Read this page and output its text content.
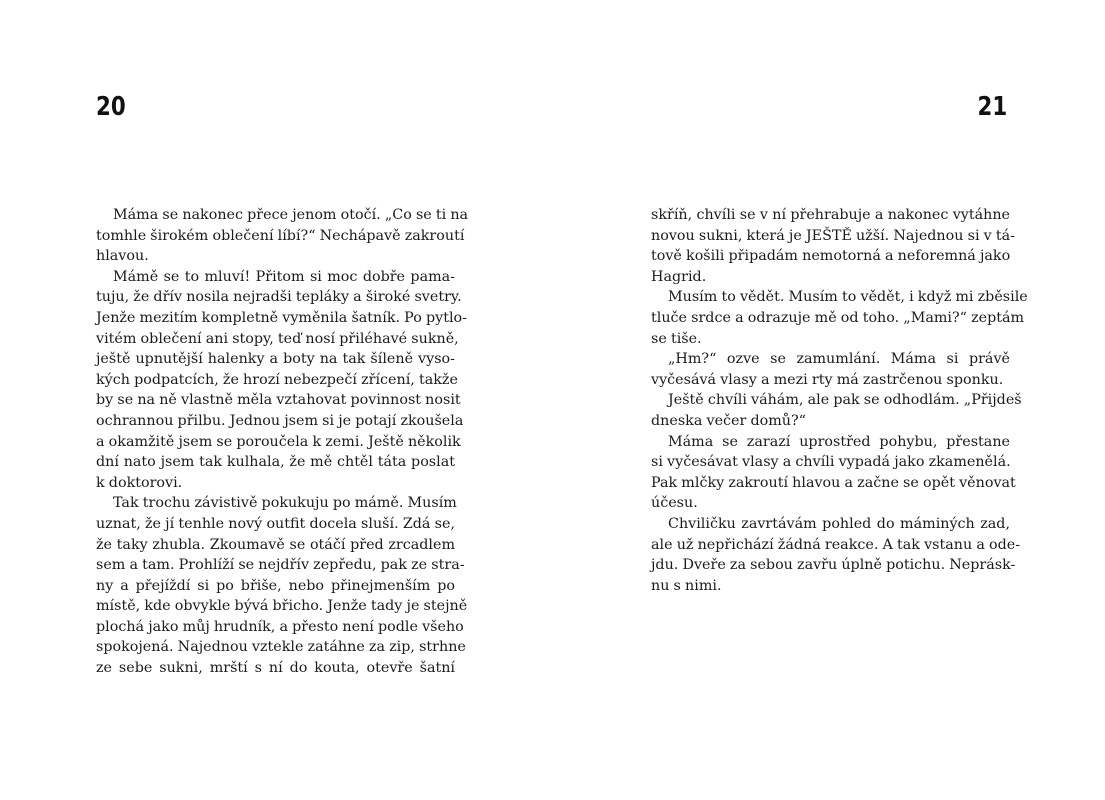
20
Máma se nakonec přece jenom otočí. „Co se ti na
tomhle širokém oblečení líbí?“ Nechápavě zakroutí
hlavou.
Mámě se to mluví! Přitom si moc dobře pama-
tuju, že dřív nosila nejradši tepláky a široké svetry.
Jenže mezitím kompletně vyměnila šatník. Po pytlo-
vitém oblečení ani stopy, teď nosí přiléhavé sukně,
ještě upnutější halenky a boty na tak šíleně vyso-
kých podpatcích, že hrozí nebezpečí zřícení, takže
by se na ně vlastně měla vztahovat povinnost nosit
ochrannou přilbu. Jednou jsem si je potají zkoušela
a okamžitě jsem se poroučela k zemi. Ještě několik
dní nato jsem tak kulhala, že mě chtěl táta poslat
k doktorovi.
Tak trochu závistivě pokukuju po mámě. Musím
uznat, že jí tenhle nový outfit docela sluší. Zdá se,
že taky zhubla. Zkoumavě se otáčí před zrcadlem
sem a tam. Prohlíží se nejdřív zepředu, pak ze stra-
ny a přejíždí si po břiše, nebo přinejmenším po
místě, kde obvykle bývá břicho. Jenže tady je stejně
plochá jako můj hrudník, a přesto není podle všeho
spokojená. Najednou vztekle zatáhne za zip, strhne
ze sebe sukni, mrští s ní do kouta, otevře šatní
21
skříň, chvíli se v ní přehrabuje a nakonec vytáhne
novou sukni, která je JEŠTĚ užší. Najednou si v tá-
tově košili připadám nemotorná a neforemná jako
Hagrid.
Musím to vědět. Musím to vědět, i když mi zběsile
tluče srdce a odrazuje mě od toho. „Mami?“ zeptám
se tiše.
„Hm?“ ozve se zamumlání. Máma si právě
vyčesává vlasy a mezi rty má zastrčenou sponku.
Ještě chvíli váhám, ale pak se odhodlám. „Přijdeš
dneska večer domů?“
Máma se zarazí uprostřed pohybu, přestane
si vyčesávat vlasy a chvíli vypadá jako zkamenělá.
Pak mlčky zakroutí hlavou a začne se opět věnovat
účesu.
Chviličku zavrtávám pohled do máminých zad,
ale už nepřichází žádná reakce. A tak vstanu a ode-
jdu. Dveře za sebou zavřu úplně potichu. Neprásk-
nu s nimi.
